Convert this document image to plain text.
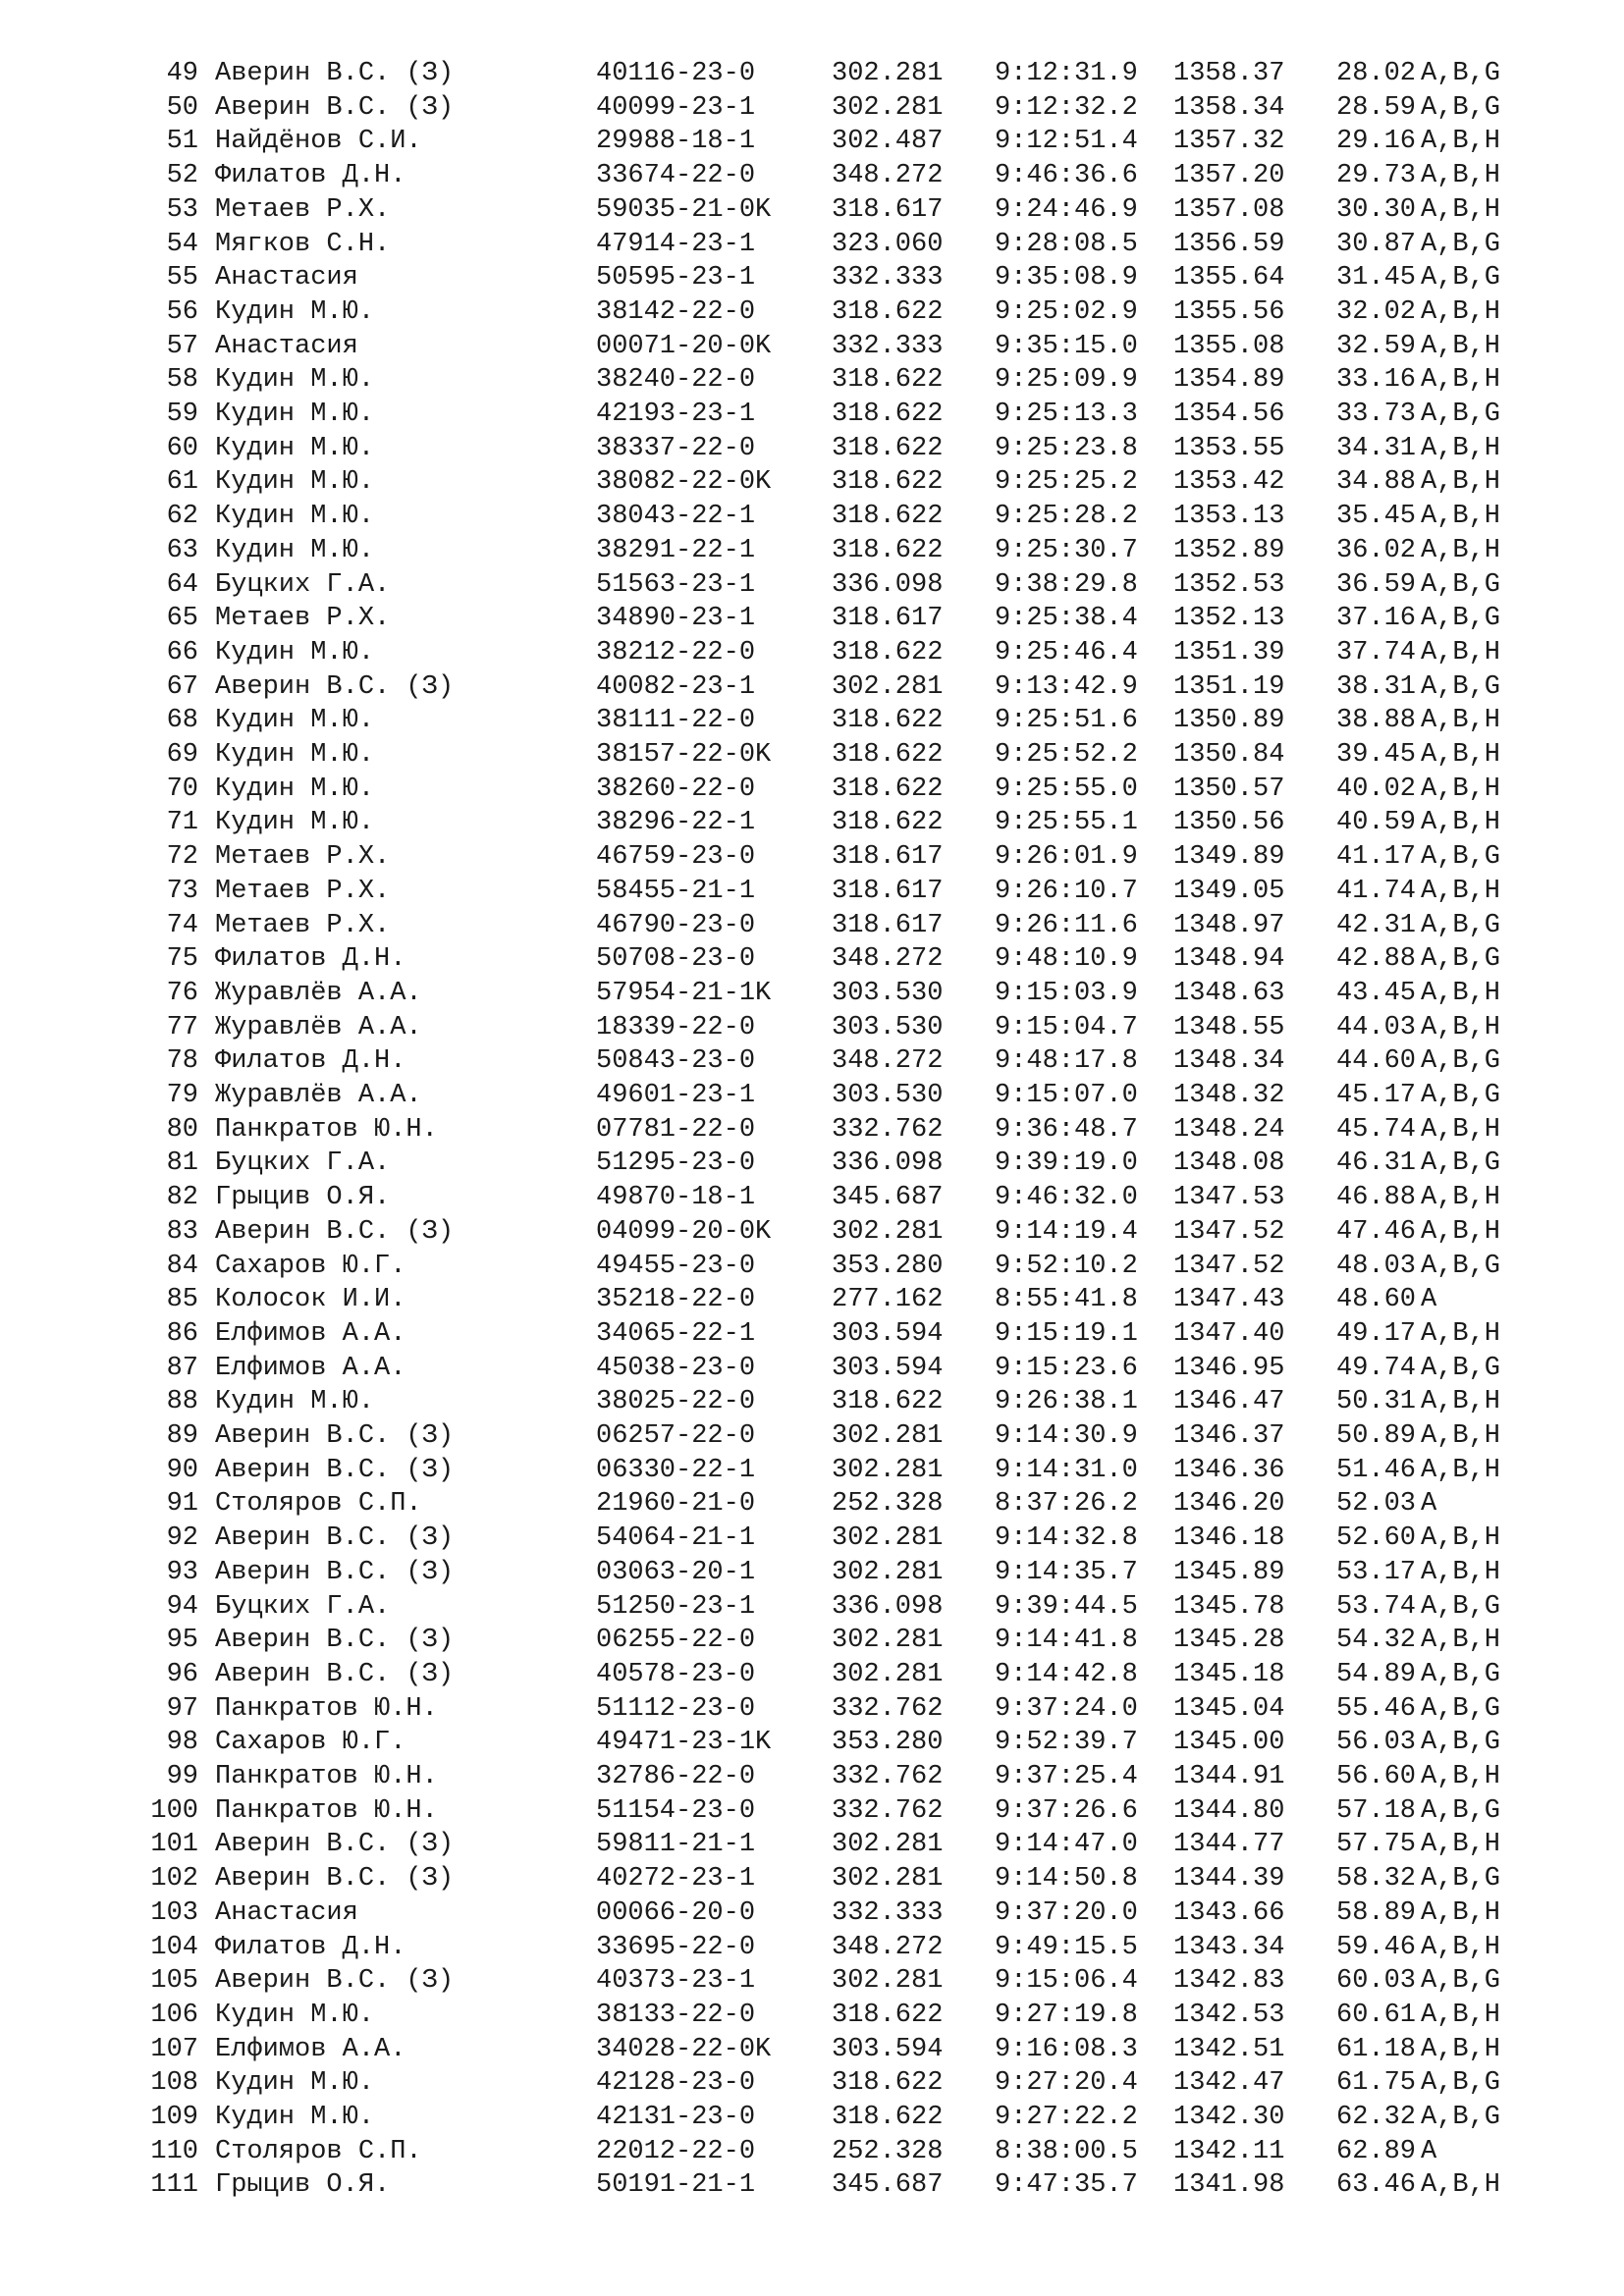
49 Аверин В.С. (З)	40116-23-0	302.281 9:12:31.9 1358.37 28.02 A,B,G
50 Аверин В.С. (З)	40099-23-1	302.281 9:12:32.2 1358.34 28.59 A,B,G
51 Найдёнов С.И.	29988-18-1	302.487 9:12:51.4 1357.32 29.16 A,B,H
52 Филатов Д.Н.	33674-22-0	348.272 9:46:36.6 1357.20 29.73 A,B,H
53 Метаев Р.Х.	59035-21-0K 318.617 9:24:46.9 1357.08 30.30 A,B,H
54 Мягков С.Н.	47914-23-1	323.060 9:28:08.5 1356.59 30.87 A,B,G
55 Анастасия	50595-23-1	332.333 9:35:08.9 1355.64 31.45 A,B,G
56 Кудин М.Ю.	38142-22-0	318.622 9:25:02.9 1355.56 32.02 A,B,H
57 Анастасия	00071-20-0K 332.333 9:35:15.0 1355.08 32.59 A,B,H
58 Кудин М.Ю.	38240-22-0	318.622 9:25:09.9 1354.89 33.16 A,B,H
59 Кудин М.Ю.	42193-23-1	318.622 9:25:13.3 1354.56 33.73 A,B,G
60 Кудин М.Ю.	38337-22-0	318.622 9:25:23.8 1353.55 34.31 A,B,H
61 Кудин М.Ю.	38082-22-0K 318.622 9:25:25.2 1353.42 34.88 A,B,H
62 Кудин М.Ю.	38043-22-1	318.622 9:25:28.2 1353.13 35.45 A,B,H
63 Кудин М.Ю.	38291-22-1	318.622 9:25:30.7 1352.89 36.02 A,B,H
64 Буцких Г.А.	51563-23-1	336.098 9:38:29.8 1352.53 36.59 A,B,G
65 Метаев Р.Х.	34890-23-1	318.617 9:25:38.4 1352.13 37.16 A,B,G
66 Кудин М.Ю.	38212-22-0	318.622 9:25:46.4 1351.39 37.74 A,B,H
67 Аверин В.С. (З)	40082-23-1	302.281 9:13:42.9 1351.19 38.31 A,B,G
68 Кудин М.Ю.	38111-22-0	318.622 9:25:51.6 1350.89 38.88 A,B,H
69 Кудин М.Ю.	38157-22-0K 318.622 9:25:52.2 1350.84 39.45 A,B,H
70 Кудин М.Ю.	38260-22-0	318.622 9:25:55.0 1350.57 40.02 A,B,H
71 Кудин М.Ю.	38296-22-1	318.622 9:25:55.1 1350.56 40.59 A,B,H
72 Метаев Р.Х.	46759-23-0	318.617 9:26:01.9 1349.89 41.17 A,B,G
73 Метаев Р.Х.	58455-21-1	318.617 9:26:10.7 1349.05 41.74 A,B,H
74 Метаев Р.Х.	46790-23-0	318.617 9:26:11.6 1348.97 42.31 A,B,G
75 Филатов Д.Н.	50708-23-0	348.272 9:48:10.9 1348.94 42.88 A,B,G
76 Журавлёв А.А.	57954-21-1K 303.530 9:15:03.9 1348.63 43.45 A,B,H
77 Журавлёв А.А.	18339-22-0	303.530 9:15:04.7 1348.55 44.03 A,B,H
78 Филатов Д.Н.	50843-23-0	348.272 9:48:17.8 1348.34 44.60 A,B,G
79 Журавлёв А.А.	49601-23-1	303.530 9:15:07.0 1348.32 45.17 A,B,G
80 Панкратов Ю.Н.	07781-22-0	332.762 9:36:48.7 1348.24 45.74 A,B,H
81 Буцких Г.А.	51295-23-0	336.098 9:39:19.0 1348.08 46.31 A,B,G
82 Грыцив О.Я.	49870-18-1	345.687 9:46:32.0 1347.53 46.88 A,B,H
83 Аверин В.С. (З)	04099-20-0K 302.281 9:14:19.4 1347.52 47.46 A,B,H
84 Сахаров Ю.Г.	49455-23-0	353.280 9:52:10.2 1347.52 48.03 A,B,G
85 Колосок И.И.	35218-22-0	277.162 8:55:41.8 1347.43 48.60 A
86 Елфимов А.А.	34065-22-1	303.594 9:15:19.1 1347.40 49.17 A,B,H
87 Елфимов А.А.	45038-23-0	303.594 9:15:23.6 1346.95 49.74 A,B,G
88 Кудин М.Ю.	38025-22-0	318.622 9:26:38.1 1346.47 50.31 A,B,H
89 Аверин В.С. (З)	06257-22-0	302.281 9:14:30.9 1346.37 50.89 A,B,H
90 Аверин В.С. (З)	06330-22-1	302.281 9:14:31.0 1346.36 51.46 A,B,H
91 Столяров С.П.	21960-21-0	252.328 8:37:26.2 1346.20 52.03 A
92 Аверин В.С. (З)	54064-21-1	302.281 9:14:32.8 1346.18 52.60 A,B,H
93 Аверин В.С. (З)	03063-20-1	302.281 9:14:35.7 1345.89 53.17 A,B,H
94 Буцких Г.А.	51250-23-1	336.098 9:39:44.5 1345.78 53.74 A,B,G
95 Аверин В.С. (З)	06255-22-0	302.281 9:14:41.8 1345.28 54.32 A,B,H
96 Аверин В.С. (З)	40578-23-0	302.281 9:14:42.8 1345.18 54.89 A,B,G
97 Панкратов Ю.Н.	51112-23-0	332.762 9:37:24.0 1345.04 55.46 A,B,G
98 Сахаров Ю.Г.	49471-23-1K 353.280 9:52:39.7 1345.00 56.03 A,B,G
99 Панкратов Ю.Н.	32786-22-0	332.762 9:37:25.4 1344.91 56.60 A,B,H
100 Панкратов Ю.Н.	51154-23-0	332.762 9:37:26.6 1344.80 57.18 A,B,G
101 Аверин В.С. (З)	59811-21-1	302.281 9:14:47.0 1344.77 57.75 A,B,H
102 Аверин В.С. (З)	40272-23-1	302.281 9:14:50.8 1344.39 58.32 A,B,G
103 Анастасия	00066-20-0	332.333 9:37:20.0 1343.66 58.89 A,B,H
104 Филатов Д.Н.	33695-22-0	348.272 9:49:15.5 1343.34 59.46 A,B,H
105 Аверин В.С. (З)	40373-23-1	302.281 9:15:06.4 1342.83 60.03 A,B,G
106 Кудин М.Ю.	38133-22-0	318.622 9:27:19.8 1342.53 60.61 A,B,H
107 Елфимов А.А.	34028-22-0K 303.594 9:16:08.3 1342.51 61.18 A,B,H
108 Кудин М.Ю.	42128-23-0	318.622 9:27:20.4 1342.47 61.75 A,B,G
109 Кудин М.Ю.	42131-23-0	318.622 9:27:22.2 1342.30 62.32 A,B,G
110 Столяров С.П.	22012-22-0	252.328 8:38:00.5 1342.11 62.89 A
111 Грыцив О.Я.	50191-21-1	345.687 9:47:35.7 1341.98 63.46 A,B,H
